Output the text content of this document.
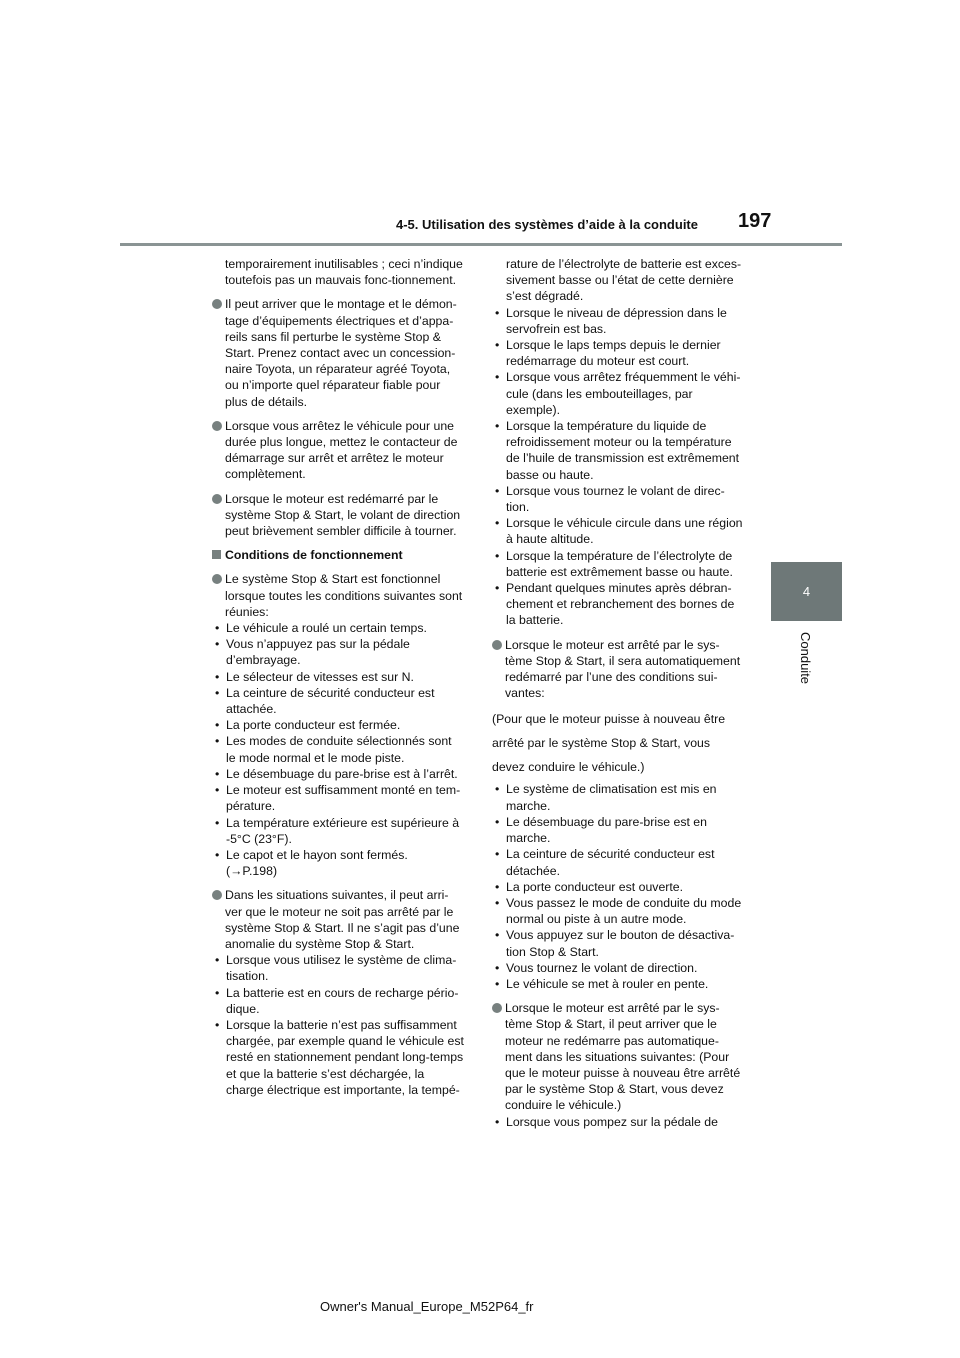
4-5. Utilisation des systèmes d’aide à la conduite 197
4
Conduite

temporairement inutilisables ; ceci n’indique toutefois pas un mauvais fonc-tionnement.

Il peut arriver que le montage et le démon-tage d’équipements électriques et d’appa-reils sans fil perturbe le système Stop & Start. Prenez contact avec un concession-naire Toyota, un réparateur agréé Toyota, ou n’importe quel réparateur fiable pour plus de détails.
Lorsque vous arrêtez le véhicule pour une durée plus longue, mettez le contacteur de démarrage sur arrêt et arrêtez le moteur complètement.
Lorsque le moteur est redémarré par le système Stop & Start, le volant de direction peut brièvement sembler difficile à tourner.
Conditions de fonctionnement
Le système Stop & Start est fonctionnel lorsque toutes les conditions suivantes sont réunies:
• Le véhicule a roulé un certain temps.
• Vous n’appuyez pas sur la pédale d’embrayage.
• Le sélecteur de vitesses est sur N.
• La ceinture de sécurité conducteur est attachée.
• La porte conducteur est fermée.
• Les modes de conduite sélectionnés sont le mode normal et le mode piste.
• Le désembuage du pare-brise est à l’arrêt.
• Le moteur est suffisamment monté en tem-pérature.
• La température extérieure est supérieure à -5°C (23°F).
• Le capot et le hayon sont fermés.

(→P.198)

Dans les situations suivantes, il peut arri-ver que le moteur ne soit pas arrêté par le système Stop & Start. Il ne s’agit pas d’une anomalie du système Stop & Start.
• Lorsque vous utilisez le système de clima-tisation.
• La batterie est en cours de recharge pério-dique.
• Lorsque la batterie n’est pas suffisamment chargée, par exemple quand le véhicule est resté en stationnement pendant long-temps et que la batterie s’est déchargée, la charge électrique est importante, la tempé-

rature de l’électrolyte de batterie est exces-sivement basse ou l’état de cette dernière s’est dégradé.

• Lorsque le niveau de dépression dans le servofrein est bas.
• Lorsque le laps temps depuis le dernier redémarrage du moteur est court.
• Lorsque vous arrêtez fréquemment le véhi-cule (dans les embouteillages, par exemple).
• Lorsque la température du liquide de refroidissement moteur ou la température de l’huile de transmission est extrêmement basse ou haute.
• Lorsque vous tournez le volant de direc-tion.
• Lorsque le véhicule circule dans une région à haute altitude.
• Lorsque la température de l’électrolyte de batterie est extrêmement basse ou haute.
• Pendant quelques minutes après débran-chement et rebranchement des bornes de la batterie.
Lorsque le moteur est arrêté par le sys-tème Stop & Start, il sera automatiquement redémarré par l’une des conditions sui-vantes:

(Pour que le moteur puisse à nouveau être

arrêté par le système Stop & Start, vous

devez conduire le véhicule.)

• Le système de climatisation est mis en marche.
• Le désembuage du pare-brise est en marche.
• La ceinture de sécurité conducteur est détachée.
• La porte conducteur est ouverte.
• Vous passez le mode de conduite du mode normal ou piste à un autre mode.
• Vous appuyez sur le bouton de désactiva-tion Stop & Start.
• Vous tournez le volant de direction.
• Le véhicule se met à rouler en pente.
Lorsque le moteur est arrêté par le sys-tème Stop & Start, il peut arriver que le moteur ne redémarre pas automatique-ment dans les situations suivantes: (Pour que le moteur puisse à nouveau être arrêté par le système Stop & Start, vous devez conduire le véhicule.)
• Lorsque vous pompez sur la pédale de
Owner's Manual_Europe_M52P64_fr
